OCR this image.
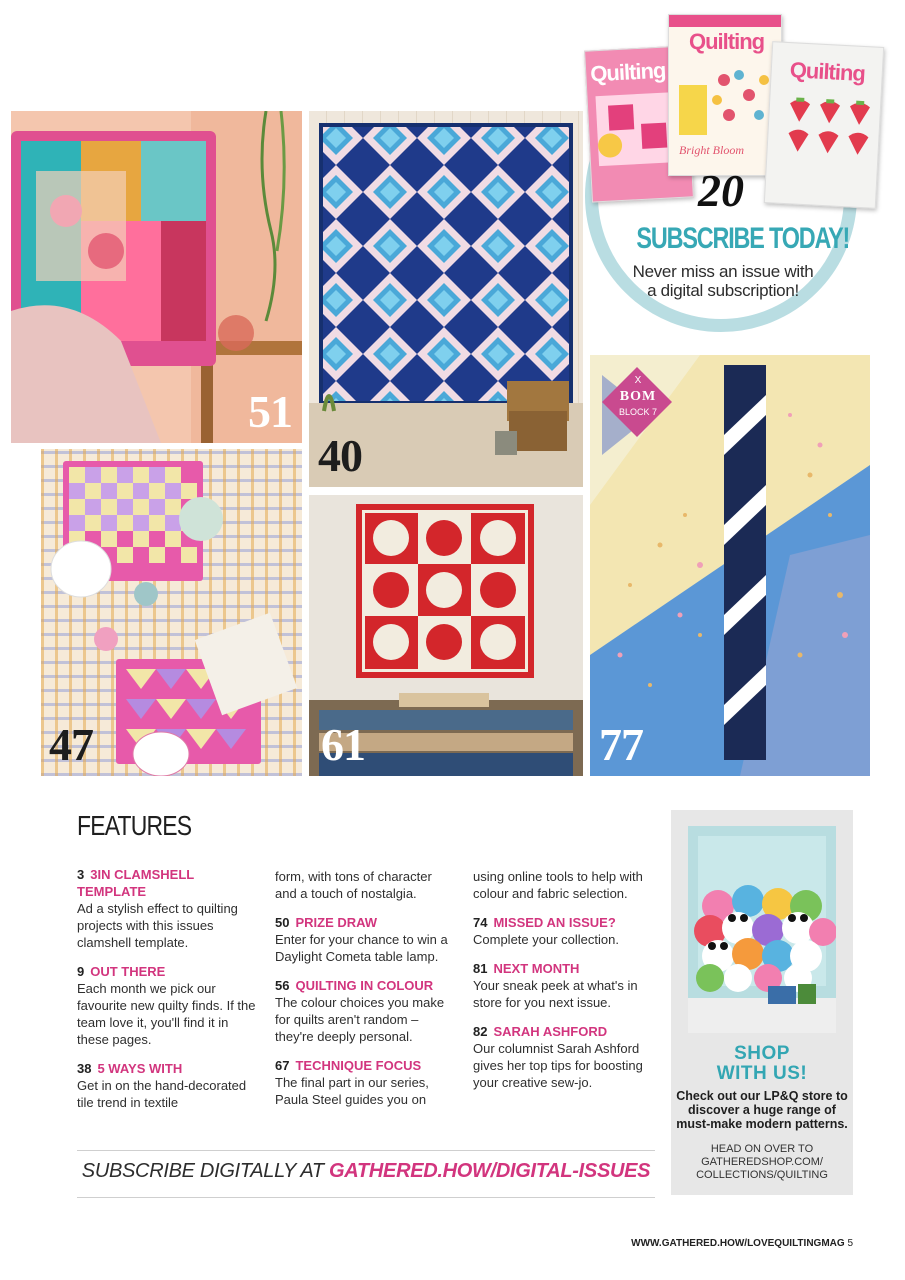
51
40
47	61
X
BOM
BLOCK 7
77
Quilting
Quilting
Bright Bloom
Quilting
20
SUBSCRIBE TODAY!
Never miss an issue with a digital subscription!
FEATURES
3 3IN CLAMSHELL TEMPLATE

Ad a stylish effect to quilting projects with this issues clamshell template.

9 OUT THERE

Each month we pick our favourite new quilty finds. If the team love it, you'll find it in these pages.

38 5 WAYS WITH

Get in on the hand-decorated tile trend in textile

form, with tons of character and a touch of nostalgia.

50 PRIZE DRAW

Enter for your chance to win a Daylight Cometa table lamp.

56 QUILTING IN COLOUR

The colour choices you make for quilts aren't random – they're deeply personal.

67 TECHNIQUE FOCUS

The final part in our series, Paula Steel guides you on

using online tools to help with colour and fabric selection.

74 MISSED AN ISSUE?

Complete your collection.

81 NEXT MONTH

Your sneak peek at what's in store for you next issue.

82 SARAH ASHFORD

Our columnist Sarah Ashford gives her top tips for boosting your creative sew-jo.

SUBSCRIBE DIGITALLY AT GATHERED.HOW/DIGITAL-ISSUES
SHOP
WITH US!
Check out our LP&Q store to discover a huge range of must-make modern patterns.
HEAD ON OVER TO GATHEREDSHOP.COM/ COLLECTIONS/QUILTING
WWW.GATHERED.HOW/LOVEQUILTINGMAG 5
